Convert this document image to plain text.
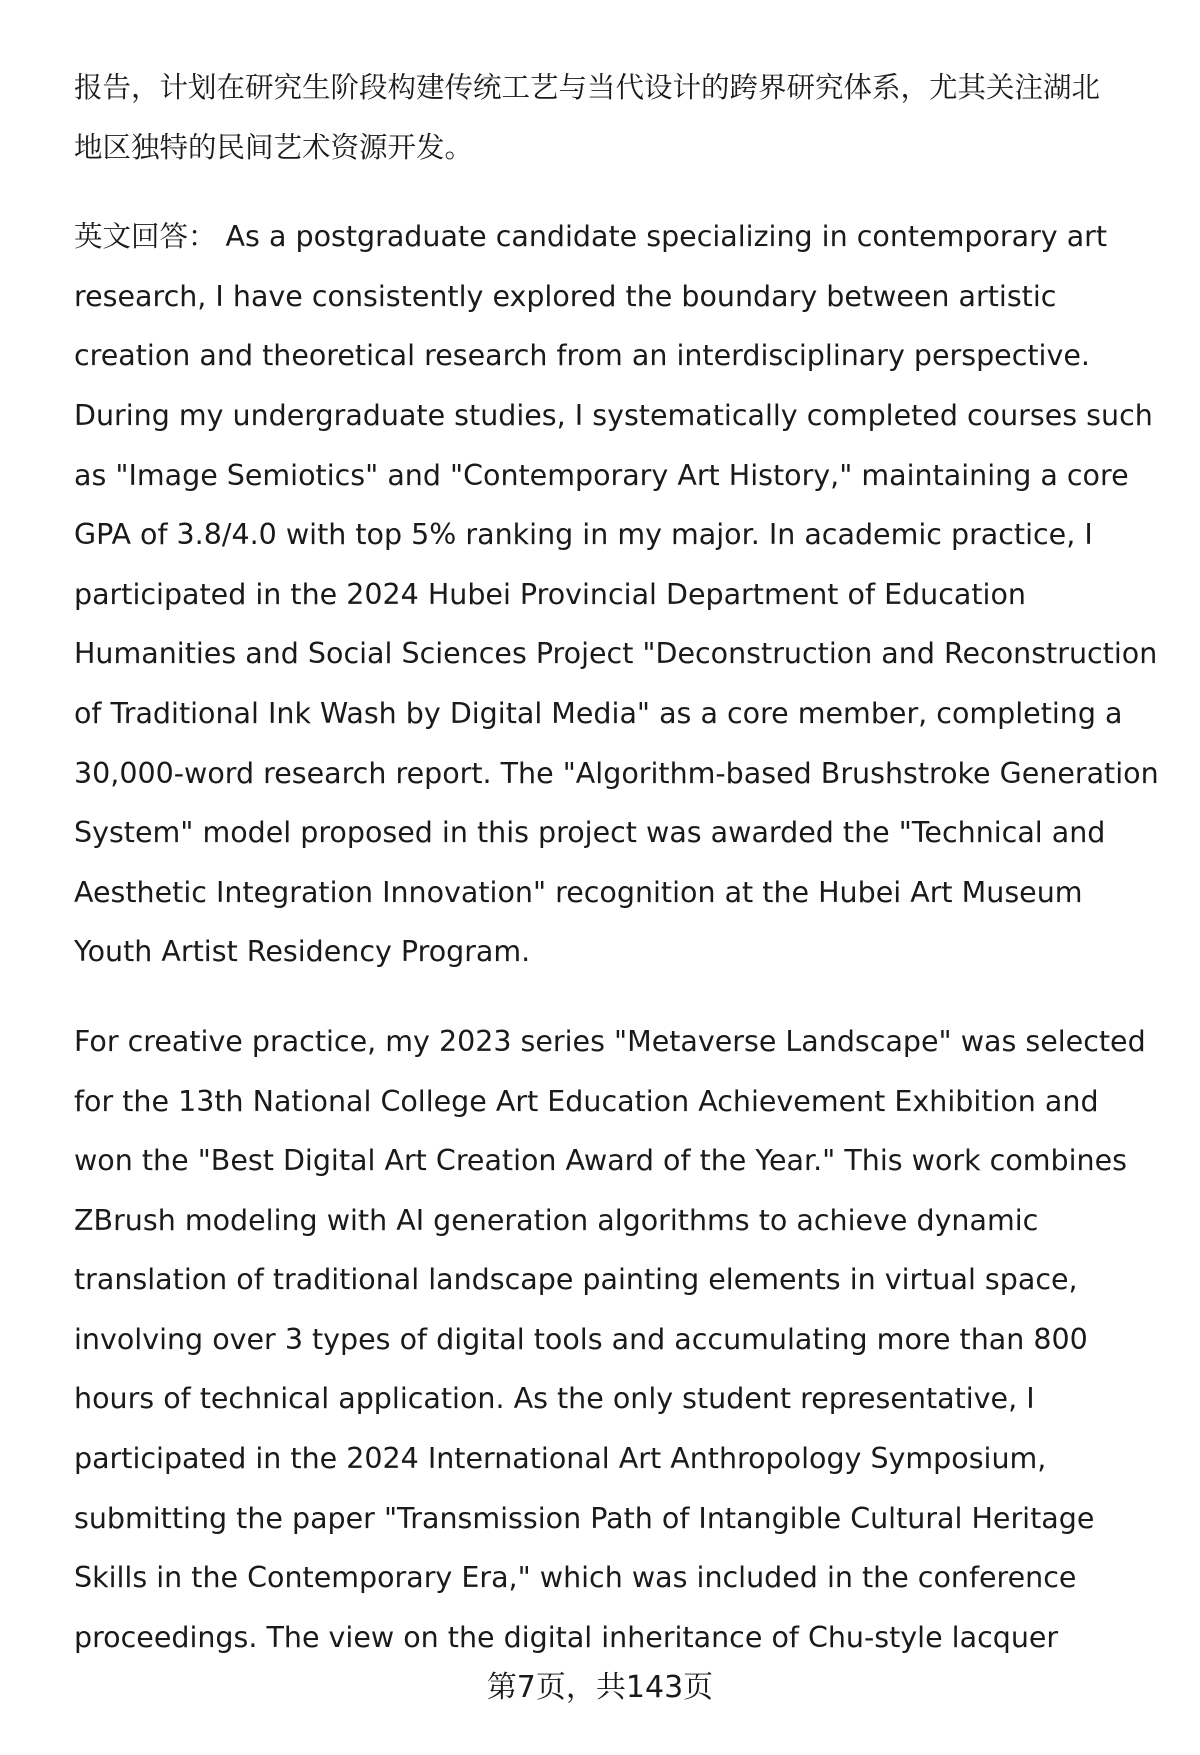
报告，计划在研究生阶段构建传统工艺与当代设计的跨界研究体系，尤其关注湖北
地区独特的民间艺术资源开发。
英文回答： As a postgraduate candidate specializing in contemporary art
research, I have consistently explored the boundary between artistic
creation and theoretical research from an interdisciplinary perspective.
During my undergraduate studies, I systematically completed courses such
as "Image Semiotics" and "Contemporary Art History," maintaining a core
GPA of 3.8/4.0 with top 5% ranking in my major. In academic practice, I
participated in the 2024 Hubei Provincial Department of Education
Humanities and Social Sciences Project "Deconstruction and Reconstruction
of Traditional Ink Wash by Digital Media" as a core member, completing a
30,000-word research report. The "Algorithm-based Brushstroke Generation
System" model proposed in this project was awarded the "Technical and
Aesthetic Integration Innovation" recognition at the Hubei Art Museum
Youth Artist Residency Program.
For creative practice, my 2023 series "Metaverse Landscape" was selected
for the 13th National College Art Education Achievement Exhibition and
won the "Best Digital Art Creation Award of the Year." This work combines
ZBrush modeling with AI generation algorithms to achieve dynamic
translation of traditional landscape painting elements in virtual space,
involving over 3 types of digital tools and accumulating more than 800
hours of technical application. As the only student representative, I
participated in the 2024 International Art Anthropology Symposium,
submitting the paper "Transmission Path of Intangible Cultural Heritage
Skills in the Contemporary Era," which was included in the conference
proceedings. The view on the digital inheritance of Chu-style lacquer
第7页，共143页
